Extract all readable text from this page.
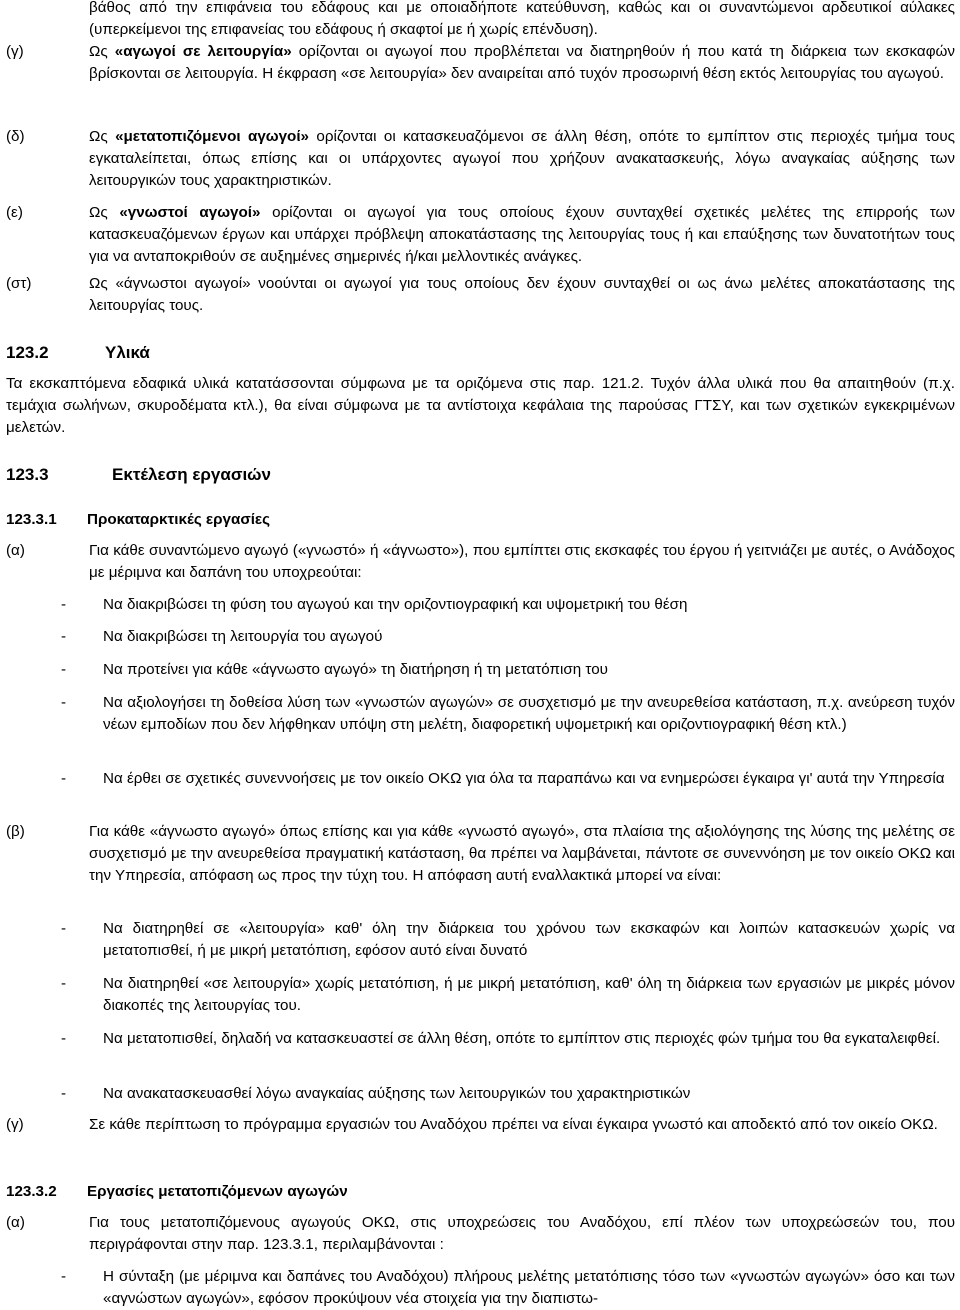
βάθος από την επιφάνεια του εδάφους και με οποιαδήποτε κατεύθυνση, καθώς και οι συναντώμενοι αρδευτικοί αύλακες (υπερκείμενοι της επιφανείας του εδάφους ή σκαφτοί με ή χωρίς επένδυση).
(γ)	Ως «αγωγοί σε λειτουργία» ορίζονται οι αγωγοί που προβλέπεται να διατηρηθούν ή που κατά τη διάρκεια των εκσκαφών βρίσκονται σε λειτουργία. Η έκφραση «σε λειτουργία» δεν αναιρείται από τυχόν προσωρινή θέση εκτός λειτουργίας του αγωγού.
(δ)	Ως «μετατοπιζόμενοι αγωγοί» ορίζονται οι κατασκευαζόμενοι σε άλλη θέση, οπότε το εμπίπτον στις περιοχές τμήμα τους εγκαταλείπεται, όπως επίσης και οι υπάρχοντες αγωγοί που χρήζουν ανακατασκευής, λόγω αναγκαίας αύξησης των λειτουργικών τους χαρακτηριστικών.
(ε)	Ως «γνωστοί αγωγοί» ορίζονται οι αγωγοί για τους οποίους έχουν συνταχθεί σχετικές μελέτες της επιρροής των κατασκευαζόμενων έργων και υπάρχει πρόβλεψη αποκατάστασης της λειτουργίας τους ή και επαύξησης των δυνατοτήτων τους για να ανταποκριθούν σε αυξημένες σημερινές ή/και μελλοντικές ανάγκες.
(στ)	Ως «άγνωστοι αγωγοί» νοούνται οι αγωγοί για τους οποίους δεν έχουν συνταχθεί οι ως άνω μελέτες αποκατάστασης της λειτουργίας τους.
123.2	Υλικά
Τα εκσκαπτόμενα εδαφικά υλικά κατατάσσονται σύμφωνα με τα οριζόμενα στις παρ. 121.2. Τυχόν άλλα υλικά που θα απαιτηθούν (π.χ. τεμάχια σωλήνων, σκυροδέματα κτλ.), θα είναι σύμφωνα με τα αντίστοιχα κεφάλαια της παρούσας ΓΤΣΥ, και των σχετικών εγκεκριμένων μελετών.
123.3	Εκτέλεση εργασιών
123.3.1 Προκαταρκτικές εργασίες
(α)	Για κάθε συναντώμενο αγωγό («γνωστό» ή «άγνωστο»), που εμπίπτει στις εκσκαφές του έργου ή γειτνιάζει με αυτές, ο Ανάδοχος με μέριμνα και δαπάνη του υποχρεούται:
- Να διακριβώσει τη φύση του αγωγού και την οριζοντιογραφική και υψομετρική του θέση
- Να διακριβώσει τη λειτουργία του αγωγού
- Να προτείνει για κάθε «άγνωστο αγωγό» τη διατήρηση ή τη μετατόπιση του
- Να αξιολογήσει τη δοθείσα λύση των «γνωστών αγωγών» σε συσχετισμό με την ανευρεθείσα κατάσταση, π.χ. ανεύρεση τυχόν νέων εμποδίων που δεν λήφθηκαν υπόψη στη μελέτη, διαφορετική υψομετρική και οριζοντιογραφική θέση κτλ.)
- Να έρθει σε σχετικές συνεννοήσεις με τον οικείο ΟΚΩ για όλα τα παραπάνω και να ενημερώσει έγκαιρα γι' αυτά την Υπηρεσία
(β)	Για κάθε «άγνωστο αγωγό» όπως επίσης και για κάθε «γνωστό αγωγό», στα πλαίσια της αξιολόγησης της λύσης της μελέτης σε συσχετισμό με την ανευρεθείσα πραγματική κατάσταση, θα πρέπει να λαμβάνεται, πάντοτε σε συνεννόηση με τον οικείο ΟΚΩ και την Υπηρεσία, απόφαση ως προς την τύχη του. Η απόφαση αυτή εναλλακτικά μπορεί να είναι:
- Να διατηρηθεί σε «λειτουργία» καθ' όλη την διάρκεια του χρόνου των εκσκαφών και λοιπών κατασκευών χωρίς να μετατοπισθεί, ή με μικρή μετατόπιση, εφόσον αυτό είναι δυνατό
- Να διατηρηθεί «σε λειτουργία» χωρίς μετατόπιση, ή με μικρή μετατόπιση, καθ' όλη τη διάρκεια των εργασιών με μικρές μόνον διακοπές της λειτουργίας του.
- Να μετατοπισθεί, δηλαδή να κατασκευαστεί σε άλλη θέση, οπότε το εμπίπτον στις περιοχές φών τμήμα του θα εγκαταλειφθεί.
- Να ανακατασκευασθεί λόγω αναγκαίας αύξησης των λειτουργικών του χαρακτηριστικών
(γ)	Σε κάθε περίπτωση το πρόγραμμα εργασιών του Αναδόχου πρέπει να είναι έγκαιρα γνωστό και αποδεκτό από τον οικείο ΟΚΩ.
123.3.2 Εργασίες μετατοπιζόμενων αγωγών
(α)	Για τους μετατοπιζόμενους αγωγούς ΟΚΩ, στις υποχρεώσεις του Αναδόχου, επί πλέον των υποχρεώσεών του, που περιγράφονται στην παρ. 123.3.1, περιλαμβάνονται :
- Η σύνταξη (με μέριμνα και δαπάνες του Αναδόχου) πλήρους μελέτης μετατόπισης τόσο των «γνωστών αγωγών» όσο και των «αγνώστων αγωγών», εφόσον προκύψουν νέα στοιχεία για την διαπιστω-
